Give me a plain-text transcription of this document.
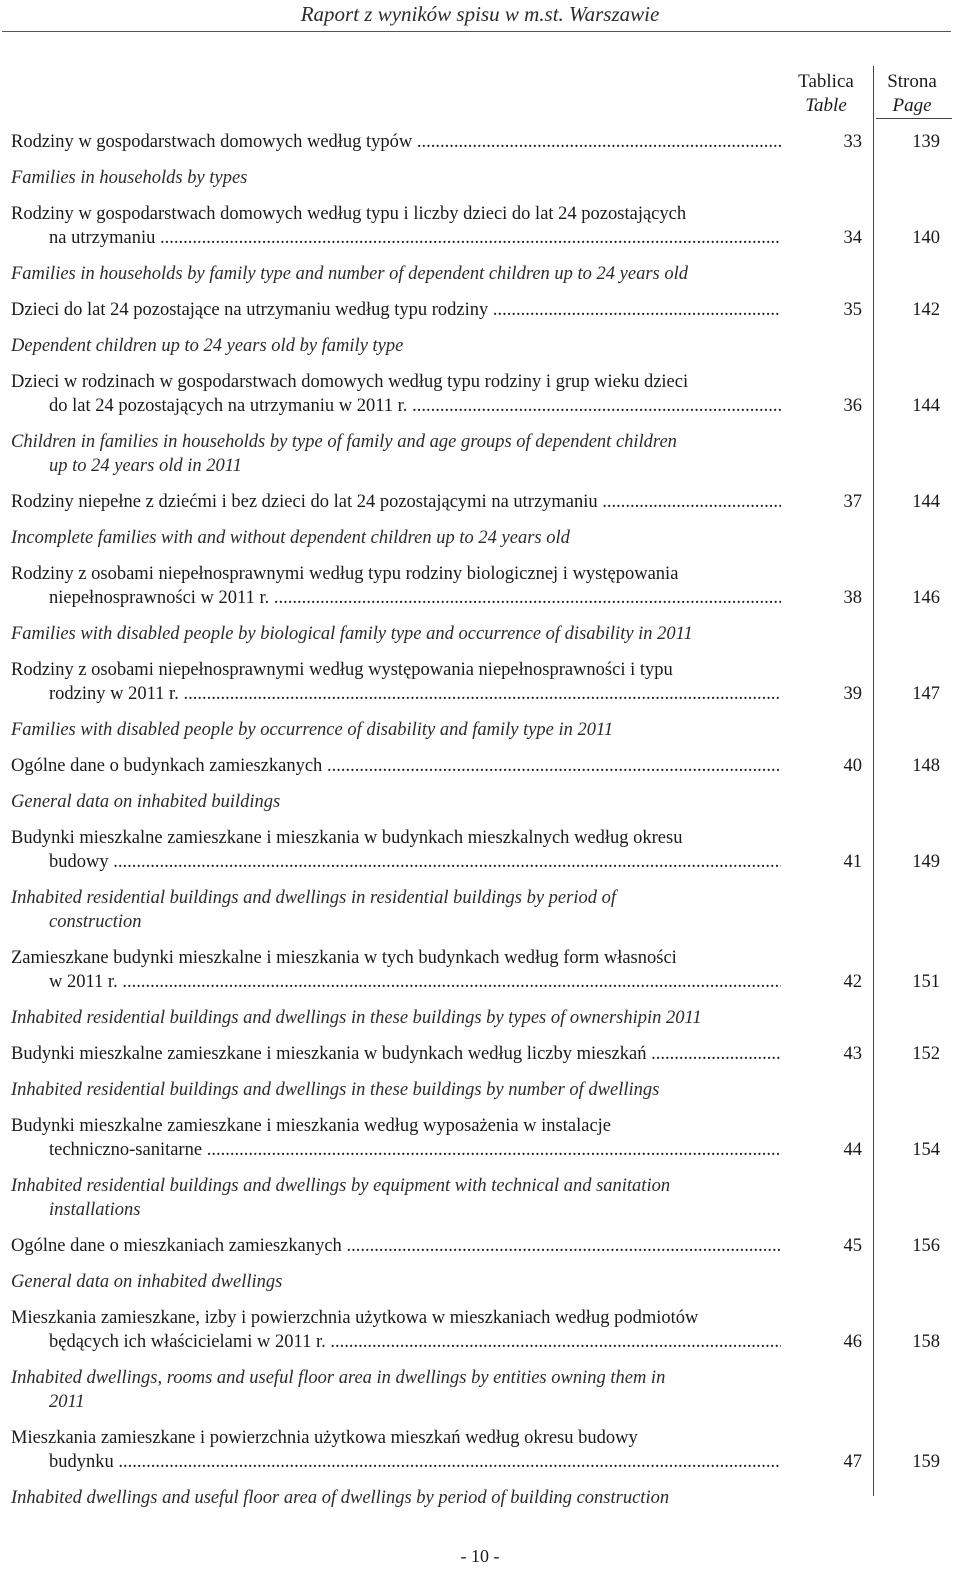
Raport z wyników spisu w m.st. Warszawie
Tablica
Table
Strona
Page
Rodziny w gospodarstwach domowych według typów .....	33	139
Families in households by types
Rodziny w gospodarstwach domowych według typu i liczby dzieci do lat 24 pozostających
na utrzymaniu .....	34	140
Families in households by family type and number of dependent children up to 24 years old
Dzieci do lat 24 pozostające na utrzymaniu według typu rodziny .....	35	142
Dependent children up to 24 years old by family type
Dzieci w rodzinach w gospodarstwach domowych według typu rodziny i grup wieku dzieci
do lat 24 pozostających na utrzymaniu w 2011 r. .....	36	144
Children in families in households by type of family and age groups of dependent children
up to 24 years old in 2011
Rodziny niepełne z dziećmi i bez dzieci do lat 24 pozostającymi na utrzymaniu .....	37	144
Incomplete families with and without dependent children up to 24 years old
Rodziny z osobami niepełnosprawnymi według typu rodziny biologicznej i występowania
niepełnosprawności w 2011 r. .....	38	146
Families with disabled people by biological family type and occurrence of disability in 2011
Rodziny z osobami niepełnosprawnymi według występowania niepełnosprawności i typu
rodziny w 2011 r. .....	39	147
Families with disabled people by occurrence of disability and family type in 2011
Ogólne dane o budynkach zamieszkanych .....	40	148
General data on inhabited buildings
Budynki mieszkalne zamieszkane i mieszkania w budynkach mieszkalnych według okresu
budowy .....	41	149
Inhabited residential buildings and dwellings in residential buildings by period of
construction
Zamieszkane budynki mieszkalne i mieszkania w tych budynkach według form własności
w 2011 r. .....	42	151
Inhabited residential buildings and dwellings in these buildings by types of ownershipin 2011
Budynki mieszkalne zamieszkane i mieszkania w budynkach według liczby mieszkań .....	43	152
Inhabited residential buildings and dwellings in these buildings by number of dwellings
Budynki mieszkalne zamieszkane i mieszkania według wyposażenia w instalacje
techniczno-sanitarne .....	44	154
Inhabited residential buildings and dwellings by equipment with technical and sanitation
installations
Ogólne dane o mieszkaniach zamieszkanych .....	45	156
General data on inhabited dwellings
Mieszkania zamieszkane, izby i powierzchnia użytkowa w mieszkaniach według podmiotów
będących ich właścicielami w 2011 r. .....	46	158
Inhabited dwellings, rooms and useful floor area in dwellings by entities owning them in
2011
Mieszkania zamieszkane i powierzchnia użytkowa mieszkań według okresu budowy
budynku .....	47	159
Inhabited dwellings and useful floor area of dwellings by period of building construction
- 10 -
